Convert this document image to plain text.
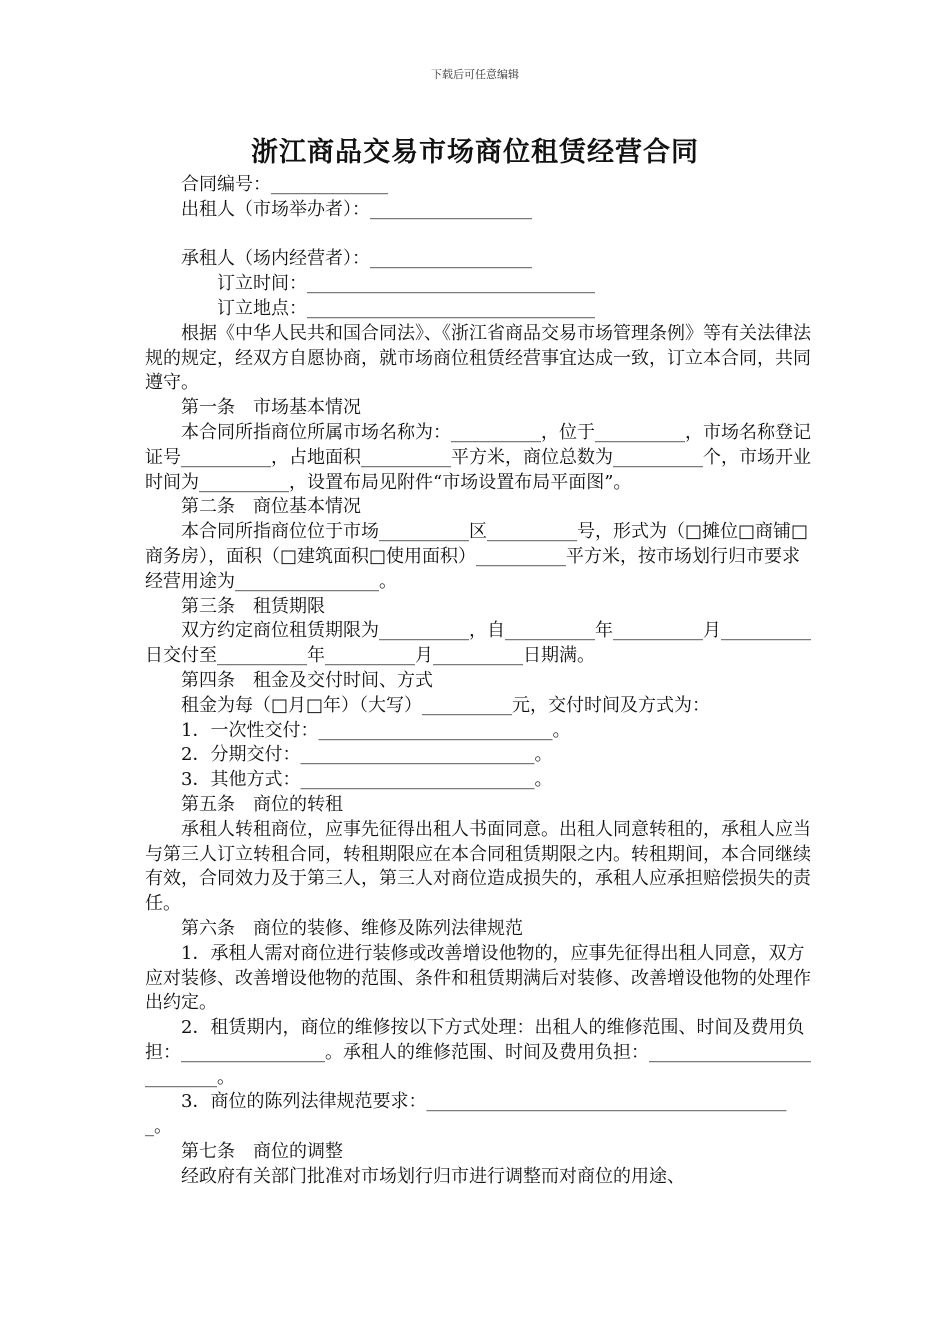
下载后可任意编辑
浙江商品交易市场商位租赁经营合同

合同编号：_____________

出租人（市场举办者）：__________________

承租人（场内经营者）：__________________

订立时间：________________________________

订立地点：________________________________

根据《中华人民共和国合同法》、《浙江省商品交易市场管理条例》等有关法律法规的规定，经双方自愿协商，就市场商位租赁经营事宜达成一致，订立本合同，共同遵守。

第一条　市场基本情况

本合同所指商位所属市场名称为：__________，位于__________，市场名称登记证号__________，占地面积__________平方米，商位总数为__________个，市场开业时间为__________，设置布局见附件“市场设置布局平面图”。

第二条　商位基本情况

本合同所指商位位于市场__________区__________号，形式为（□摊位□商铺□商务房），面积（□建筑面积□使用面积）__________平方米，按市场划行归市要求经营用途为________________。

第三条　租赁期限

双方约定商位租赁期限为__________，自__________年__________月__________日交付至__________年__________月__________日期满。

第四条　租金及交付时间、方式

租金为每（□月□年）（大写）__________元，交付时间及方式为：

1．一次性交付：__________________________。

2．分期交付：__________________________。

3．其他方式：__________________________。

第五条　商位的转租

承租人转租商位，应事先征得出租人书面同意。出租人同意转租的，承租人应当与第三人订立转租合同，转租期限应在本合同租赁期限之内。转租期间，本合同继续有效，合同效力及于第三人，第三人对商位造成损失的，承租人应承担赔偿损失的责任。

第六条　商位的装修、维修及陈列法律规范

1．承租人需对商位进行装修或改善增设他物的，应事先征得出租人同意，双方应对装修、改善增设他物的范围、条件和租赁期满后对装修、改善增设他物的处理作出约定。

2．租赁期内，商位的维修按以下方式处理：出租人的维修范围、时间及费用负担：________________。承租人的维修范围、时间及费用负担：__________________________。

3．商位的陈列法律规范要求：_________________________________________。

第七条　商位的调整

经政府有关部门批准对市场划行归市进行调整而对商位的用途、
